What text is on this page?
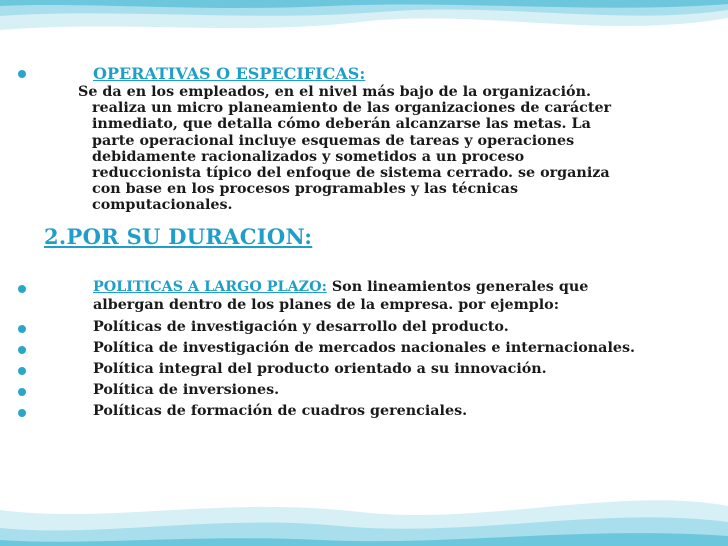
OPERATIVAS O ESPECIFICAS:
Se da en los empleados, en el nivel más bajo de la organización.
realiza un micro planeamiento de las organizaciones de carácter
inmediato, que detalla cómo deberán alcanzarse las metas. La
parte operacional incluye esquemas de tareas y operaciones
debidamente racionalizados y sometidos a un proceso
reduccionista típico del enfoque de sistema cerrado. se organiza
con base en los procesos programables y las técnicas
computacionales.
2.POR SU DURACION:
POLITICAS A LARGO PLAZO: Son lineamientos generales que
albergan dentro de los planes de la empresa. por ejemplo:
Políticas de investigación y desarrollo del producto.
Política de investigación de mercados nacionales e internacionales.
Política integral del producto orientado a su innovación.
Política de inversiones.
Políticas de formación de cuadros gerenciales.
